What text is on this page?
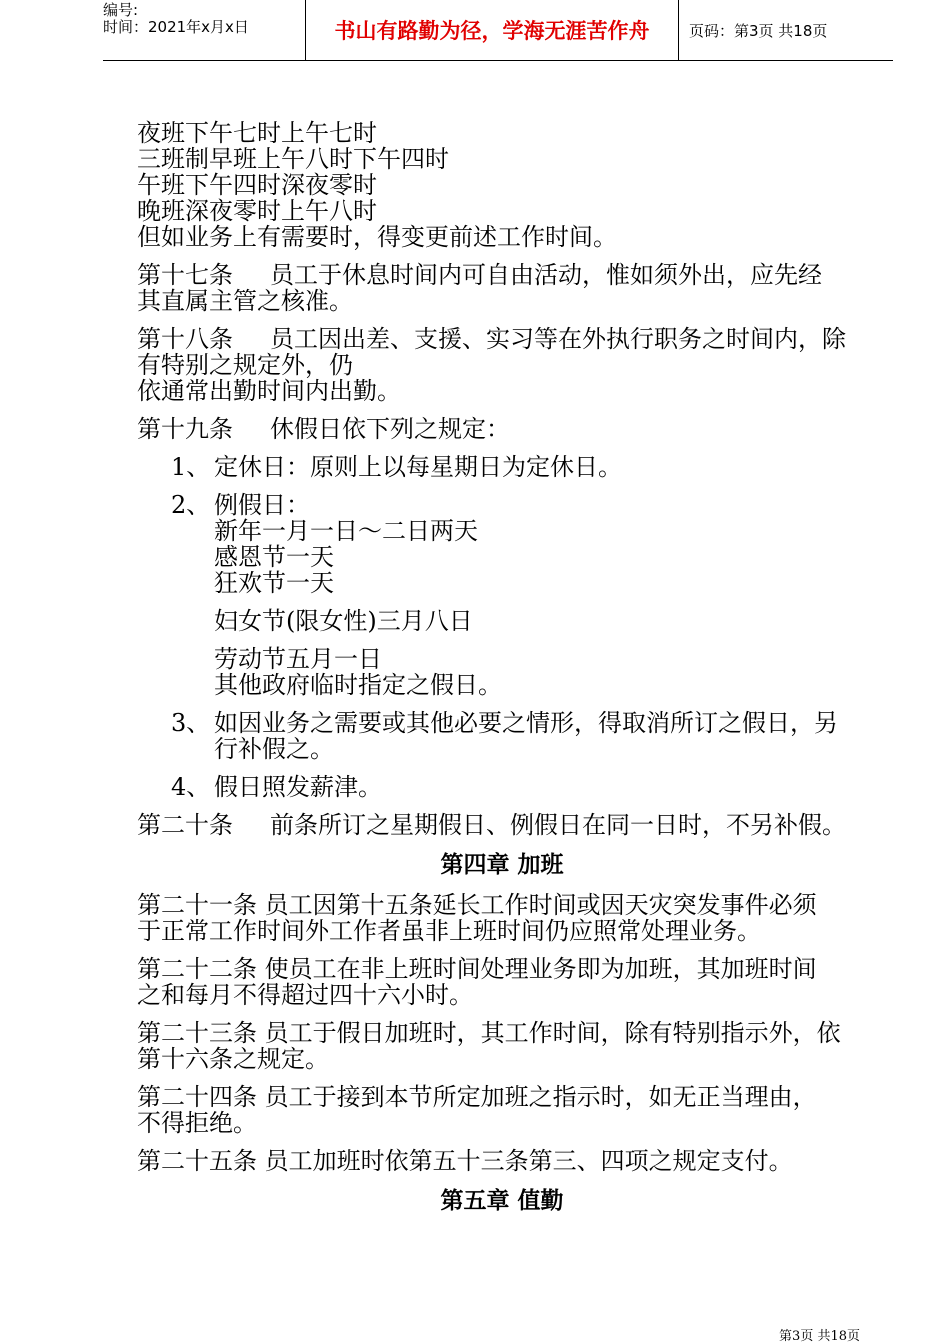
编号:
时间：2021年x月x日	书山有路勤为径，学海无涯苦作舟	页码：第3页 共18页
夜班下午七时上午七时
三班制早班上午八时下午四时
午班下午四时深夜零时
晚班深夜零时上午八时
但如业务上有需要时，得变更前述工作时间。
第十七条 员工于休息时间内可自由活动，惟如须外出，应先经
其直属主管之核准。
第十八条 员工因出差、支援、实习等在外执行职务之时间内，除
有特别之规定外，仍
依通常出勤时间内出勤。
第十九条 休假日依下列之规定：
1、 定休日：原则上以每星期日为定休日。
2、 例假日：
新年一月一日～二日两天
感恩节一天
狂欢节一天
妇女节(限女性)三月八日
劳动节五月一日
其他政府临时指定之假日。
3、 如因业务之需要或其他必要之情形，得取消所订之假日，另
行补假之。
4、 假日照发薪津。
第二十条 前条所订之星期假日、例假日在同一日时，不另补假。
第四章 加班
第二十一条 员工因第十五条延长工作时间或因天灾突发事件必须
于正常工作时间外工作者虽非上班时间仍应照常处理业务。
第二十二条 使员工在非上班时间处理业务即为加班，其加班时间
之和每月不得超过四十六小时。
第二十三条 员工于假日加班时，其工作时间，除有特别指示外，依
第十六条之规定。
第二十四条 员工于接到本节所定加班之指示时，如无正当理由，
不得拒绝。
第二十五条 员工加班时依第五十三条第三、四项之规定支付。
第五章 值勤
第3页 共18页
